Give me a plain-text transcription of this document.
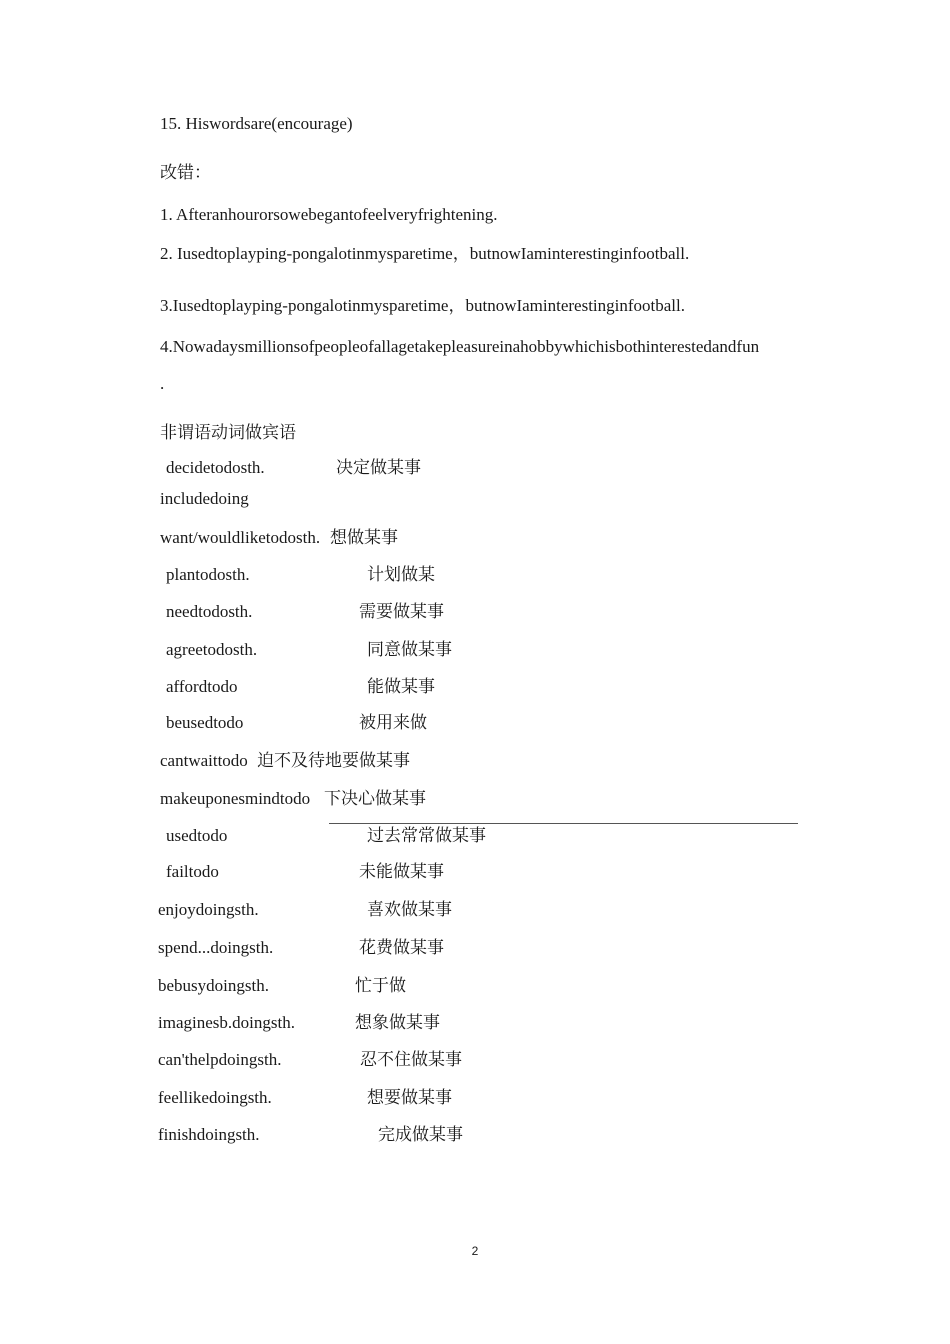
15. Hiswordsare(encourage)
改错：
1. Afteranhourorsowebegantofeelveryfrightening.
2. Iusedtoplayping-pongalotinmysparetime，butnowIaminterestinginfootball.
3.Iusedtoplayping-pongalotinmysparetime，butnowIaminterestinginfootball.
4.Nowadaysmillionsofpeopleofallagetakepleasureinahobbywhichisbothinterestedandfun
.
非谓语动词做宾语
decidetodosth.	决定做某事
includedoing
want/wouldliketodosth. 想做某事
plantodosth.	计划做某
needtodosth.	需要做某事
agreetodosth.	同意做某事
affordtodo	能做某事
beusedtodo	被用来做
cantwaittodo 迫不及待地要做某事
makeuponesmindtodo 下决心做某事
usedtodo	过去常常做某事
failtodo	未能做某事
enjoydoingsth.	喜欢做某事
spend...doingsth.	花费做某事
bebusydoingsth.	忙于做
imaginesb.doingsth.	想象做某事
can'thelpdoingsth.	忍不住做某事
feellikedoingsth.	想要做某事
finishdoingsth.	完成做某事
2
